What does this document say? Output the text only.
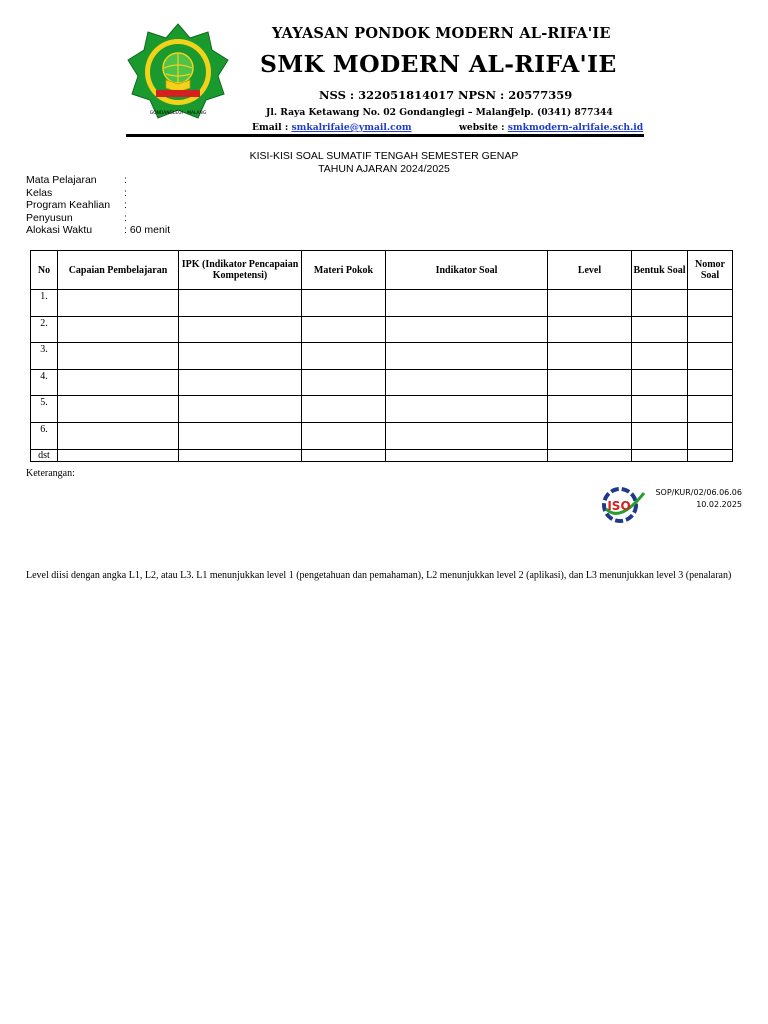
GONDANGLEGI - MALANG
YAYASAN PONDOK MODERN AL-RIFA'IE
SMK MODERN AL-RIFA'IE
NSS : 322051814017 NPSN : 20577359
Jl. Raya Ketawang No. 02 Gondanglegi – Malang
Telp. (0341) 877344
Email : smkalrifaie@ymail.com	website : smkmodern-alrifaie.sch.id
KISI-KISI SOAL SUMATIF TENGAH SEMESTER GENAP
TAHUN AJARAN 2024/2025
Mata Pelajaran	:
Kelas	:
Program Keahlian :
Penyusun	:
Alokasi Waktu	: 60 menit
No	Capaian Pembelajaran	IPK (Indikator Pencapaian Kompetensi)	Materi Pokok	Indikator Soal	Level	Bentuk Soal	Nomor Soal
1.							
2.							
3.							
4.							
5.							
6.							
dst							
Keterangan:
ISO
SOP/KUR/02/06.06.06
10.02.2025
Level diisi dengan angka L1, L2, atau L3. L1 menunjukkan level 1 (pengetahuan dan pemahaman), L2 menunjukkan level 2 (aplikasi), dan L3 menunjukkan level 3 (penalaran)
